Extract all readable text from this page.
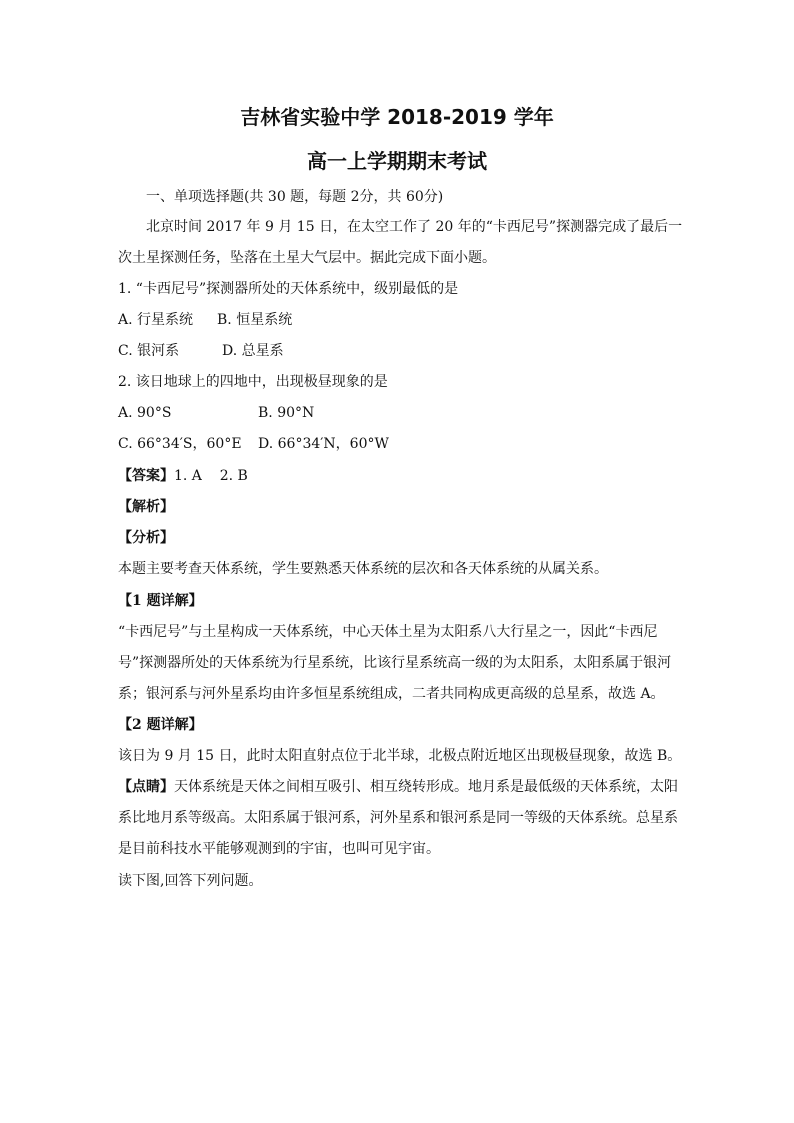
吉林省实验中学 2018-2019 学年
高一上学期期末考试
一、单项选择题(共 30 题，每题 2分，共 60分)
北京时间 2017 年 9 月 15 日，在太空工作了 20 年的“卡西尼号”探测器完成了最后一
次土星探测任务，坠落在土星大气层中。据此完成下面小题。
1. “卡西尼号”探测器所处的天体系统中，级别最低的是
A. 行星系统 B. 恒星系统
C. 银河系	D. 总星系
2. 该日地球上的四地中，出现极昼现象的是
A. 90°S	B. 90°N
C. 66°34′S，60°E D. 66°34′N，60°W
【答案】1. A    2. B
【解析】
【分析】
本题主要考查天体系统，学生要熟悉天体系统的层次和各天体系统的从属关系。
【1 题详解】
“卡西尼号”与土星构成一天体系统，中心天体土星为太阳系八大行星之一，因此“卡西尼
号”探测器所处的天体系统为行星系统，比该行星系统高一级的为太阳系，太阳系属于银河
系；银河系与河外星系均由许多恒星系统组成，二者共同构成更高级的总星系，故选 A。
【2 题详解】
该日为 9 月 15 日，此时太阳直射点位于北半球，北极点附近地区出现极昼现象，故选 B。
【点睛】天体系统是天体之间相互吸引、相互绕转形成。地月系是最低级的天体系统，太阳
系比地月系等级高。太阳系属于银河系，河外星系和银河系是同一等级的天体系统。总星系
是目前科技水平能够观测到的宇宙，也叫可见宇宙。
读下图,回答下列问题。
